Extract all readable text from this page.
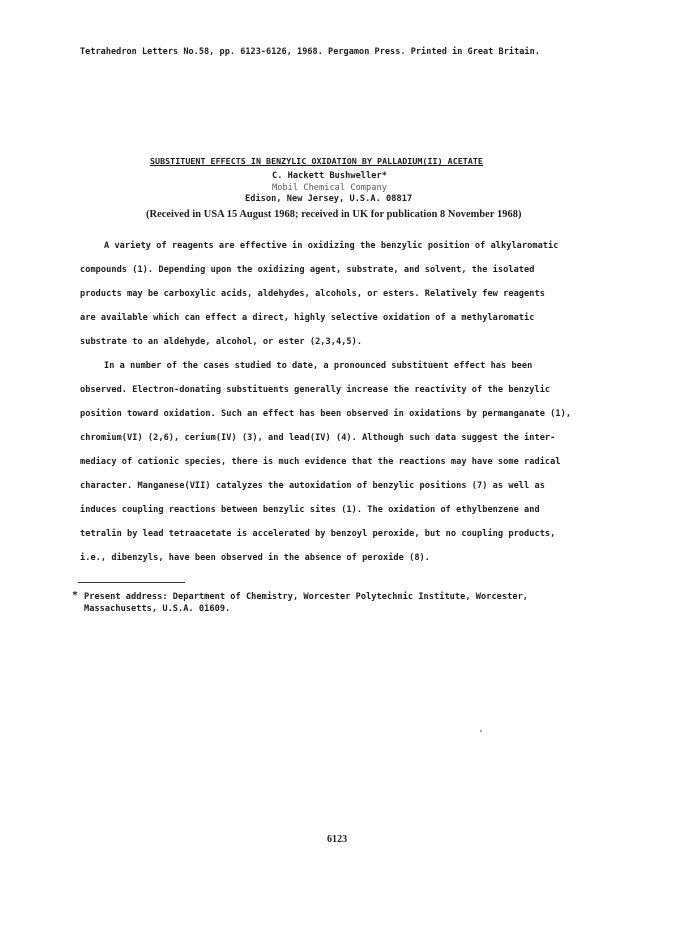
Tetrahedron Letters No.58, pp. 6123-6126, 1968. Pergamon Press. Printed in Great Britain.
SUBSTITUENT EFFECTS IN BENZYLIC OXIDATION BY PALLADIUM(II) ACETATE
C. Hackett Bushweller*
Mobil Chemical Company
Edison, New Jersey, U.S.A. 08817
(Received in USA 15 August 1968; received in UK for publication 8 November 1968)
A variety of reagents are effective in oxidizing the benzylic position of alkylaromatic
compounds (1). Depending upon the oxidizing agent, substrate, and solvent, the isolated
products may be carboxylic acids, aldehydes, alcohols, or esters. Relatively few reagents
are available which can effect a direct, highly selective oxidation of a methylaromatic
substrate to an aldehyde, alcohol, or ester (2,3,4,5).
In a number of the cases studied to date, a pronounced substituent effect has been
observed. Electron-donating substituents generally increase the reactivity of the benzylic
position toward oxidation. Such an effect has been observed in oxidations by permanganate (1),
chromium(VI) (2,6), cerium(IV) (3), and lead(IV) (4). Although such data suggest the inter-
mediacy of cationic species, there is much evidence that the reactions may have some radical
character. Manganese(VII) catalyzes the autoxidation of benzylic positions (7) as well as
induces coupling reactions between benzylic sites (1). The oxidation of ethylbenzene and
tetralin by lead tetraacetate is accelerated by benzoyl peroxide, but no coupling products,
i.e., dibenzyls, have been observed in the absence of peroxide (8).
* Present address: Department of Chemistry, Worcester Polytechnic Institute, Worcester,
Massachusetts, U.S.A. 01609.
6123
